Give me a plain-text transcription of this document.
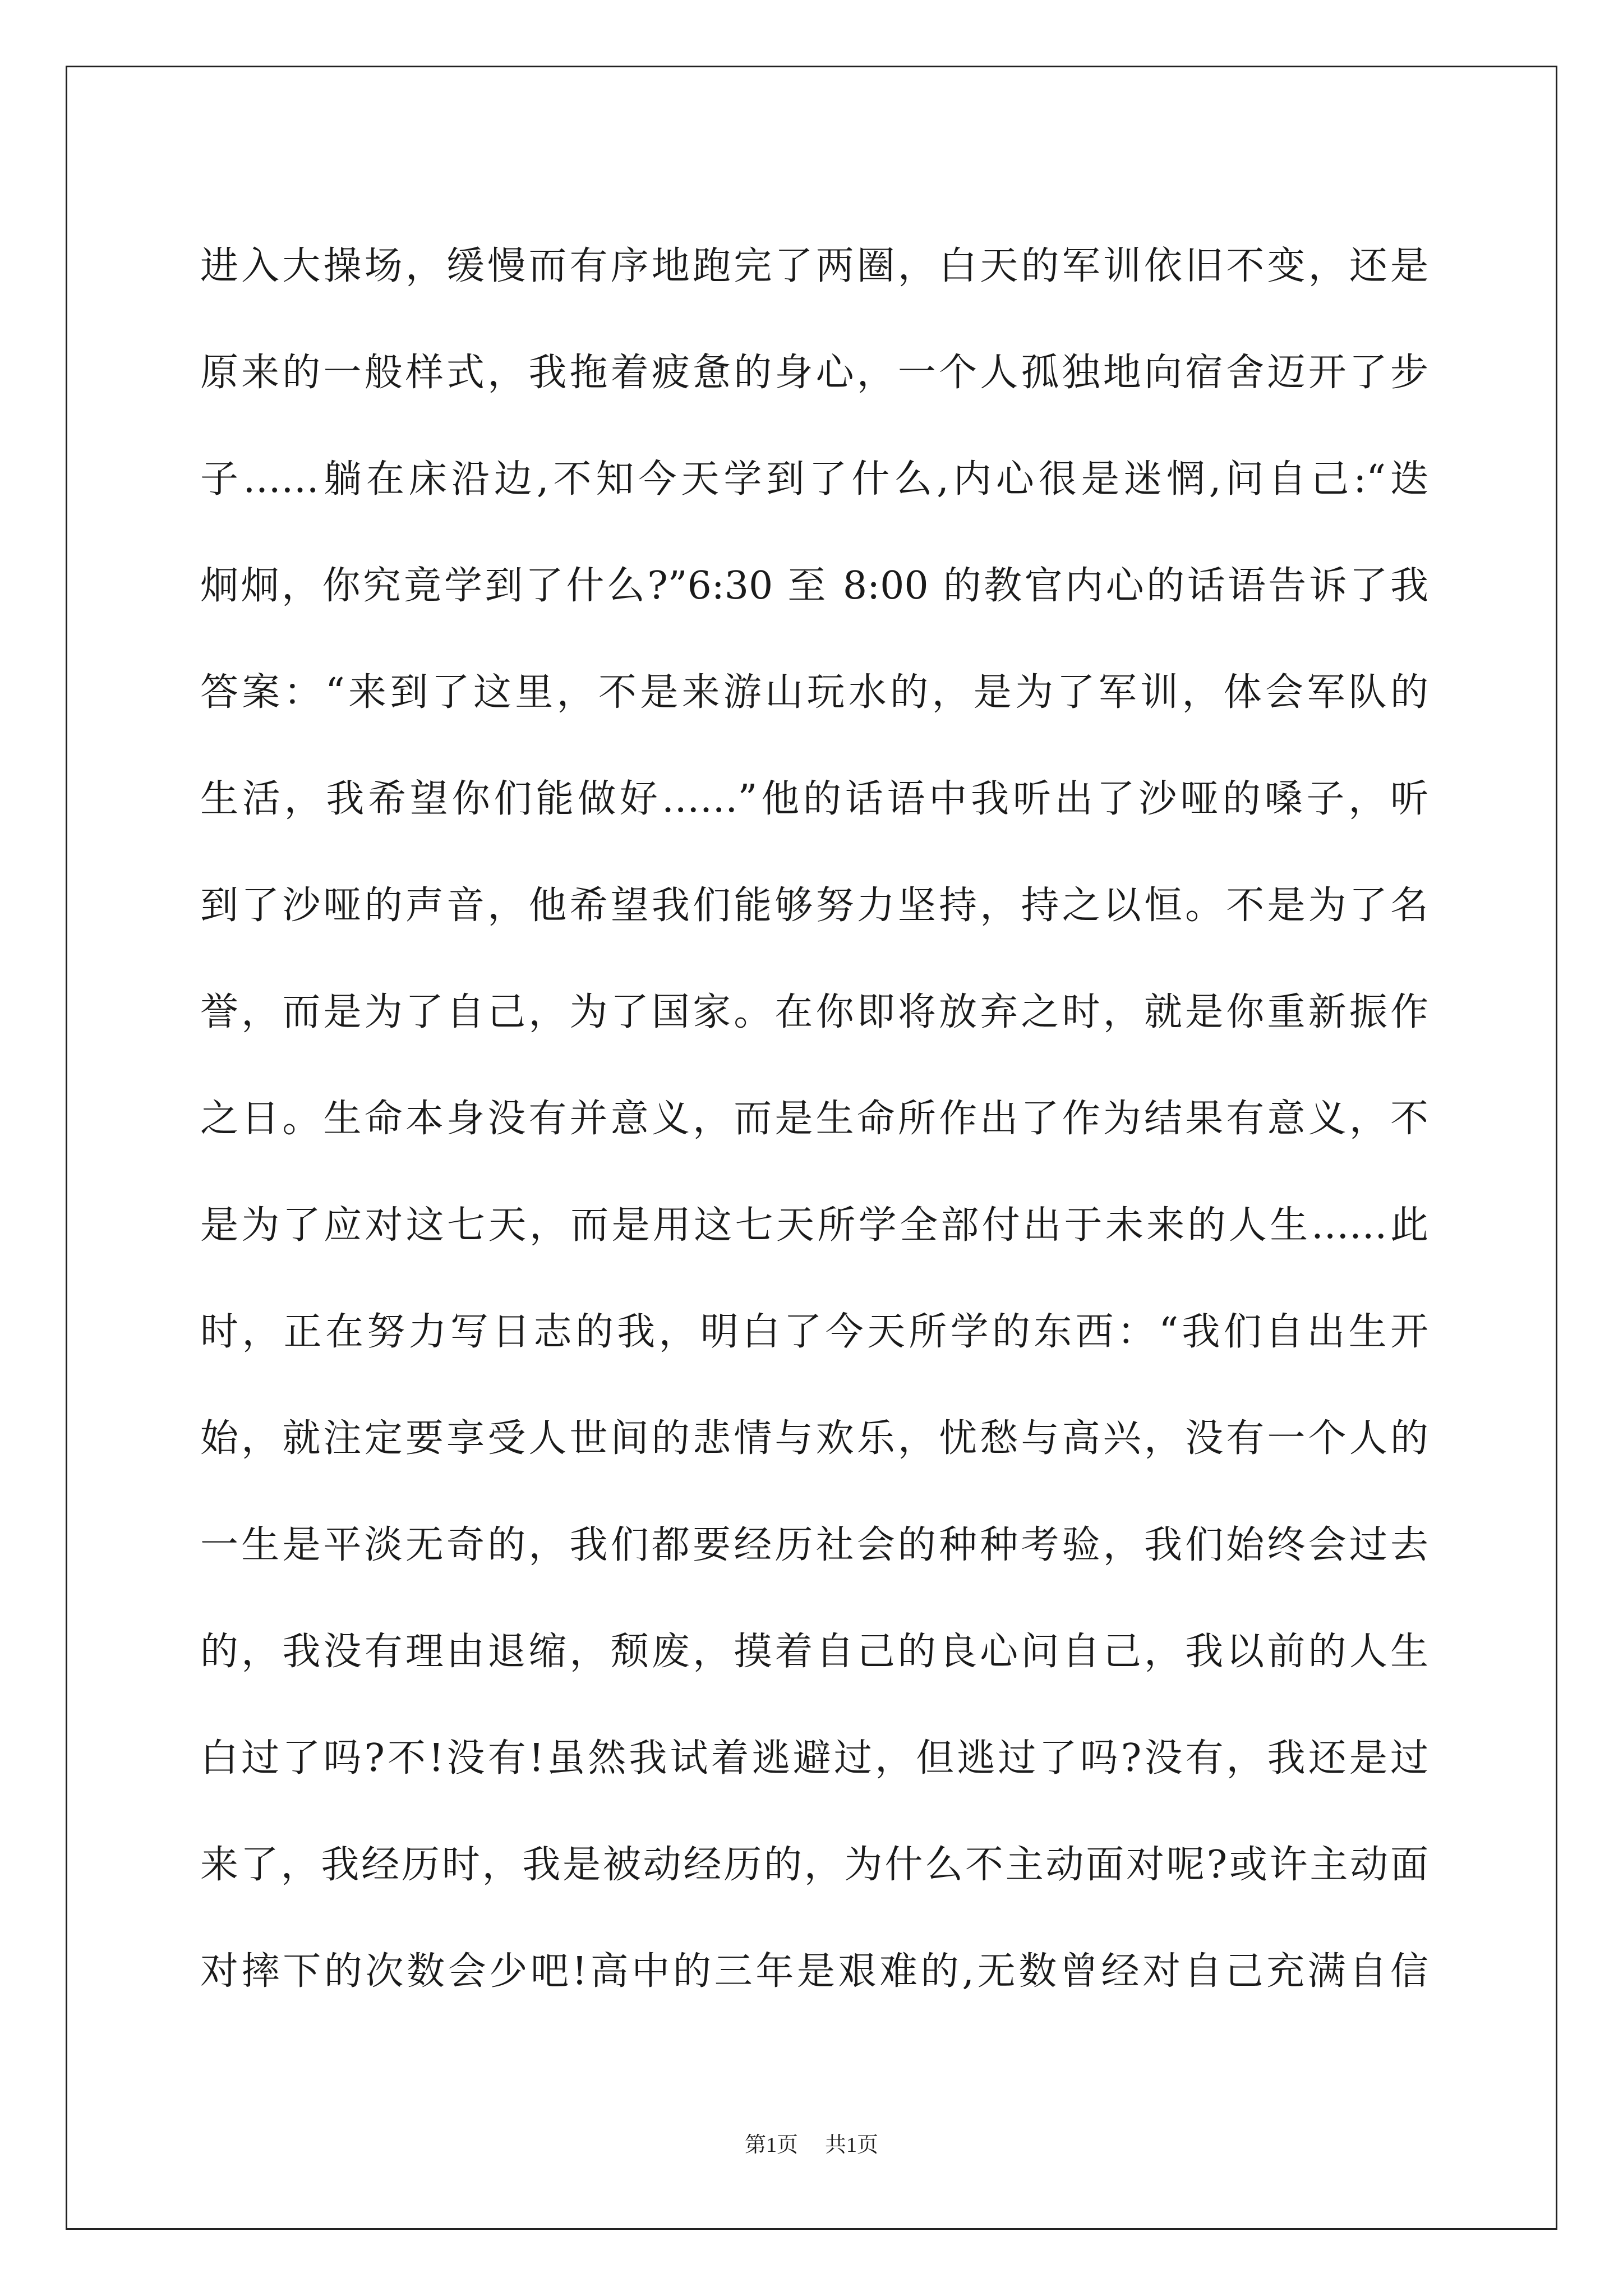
进入大操场，缓慢而有序地跑完了两圈，白天的军训依旧不变，还是
原来的一般样式，我拖着疲惫的身心，一个人孤独地向宿舍迈开了步
子……躺在床沿边,不知今天学到了什么,内心很是迷惘,问自己:“迭
炯炯，你究竟学到了什么?”6:30 至 8:00 的教官内心的话语告诉了我
答案：“来到了这里，不是来游山玩水的，是为了军训，体会军队的
生活，我希望你们能做好……”他的话语中我听出了沙哑的嗓子，听
到了沙哑的声音，他希望我们能够努力坚持，持之以恒。不是为了名
誉，而是为了自己，为了国家。在你即将放弃之时，就是你重新振作
之日。生命本身没有并意义，而是生命所作出了作为结果有意义，不
是为了应对这七天，而是用这七天所学全部付出于未来的人生……此
时，正在努力写日志的我，明白了今天所学的东西：“我们自出生开
始，就注定要享受人世间的悲情与欢乐，忧愁与高兴，没有一个人的
一生是平淡无奇的，我们都要经历社会的种种考验，我们始终会过去
的，我没有理由退缩，颓废，摸着自己的良心问自己，我以前的人生
白过了吗?不!没有!虽然我试着逃避过，但逃过了吗?没有，我还是过
来了，我经历时，我是被动经历的，为什么不主动面对呢?或许主动面
对摔下的次数会少吧!高中的三年是艰难的,无数曾经对自己充满自信
第1页 共1页
